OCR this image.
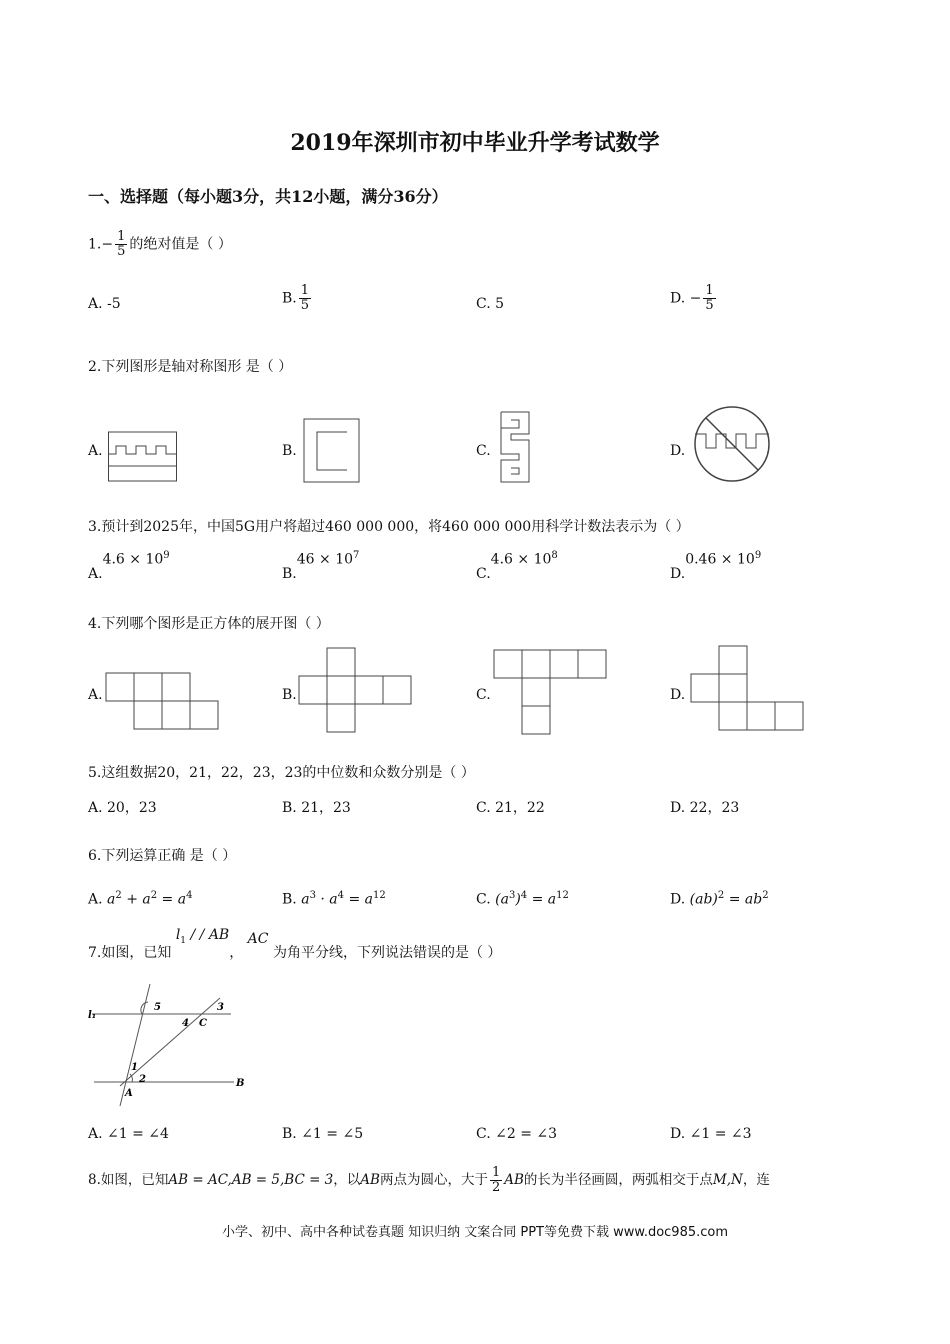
2019年深圳市初中毕业升学考试数学
一、选择题（每小题3分，共12小题，满分36分）
$1.- \frac{1}{5}$ 的绝对值是（ ）
A. -5	B. $\frac{1}{5}$	C. 5	D. − $\frac{1}{5}$
2.下列图形是轴对称图形 是（ ）
A.	B.	C.	D.
3.预计到2025年，中国5G用户将超过460 000 000，将460 000 000用科学计数法表示为（ ）
$A.4.6 \times 10^9$
$B.46 \times 10^7$
$C.4.6 \times 10^8$
$D.0.46 \times 10^9$
4.下列哪个图形是正方体的展开图（ ）
A.	B.	C.	D.
5.这组数据20，21，22，23，23的中位数和众数分别是（ ）
A. 20，23	B. 21，23	C. 21，22	D. 22，23
6.下列运算正确 是（ ）
A. $a^2 + a^2 = a^4$	B. $a^3 \cdot a^4 = a^{12}$	C. $(a^3)^4 = a^{12}$	D. $(ab)^2 = ab^2$
7.如图，已知 $l_1$ / / AB， AC 为角平分线，下列说法错误的是（ ）
l₁
5	3
4 C
1
2
A
B
A. ∠1 = ∠4	B. ∠1 = ∠5	C. ∠2 = ∠3	D. ∠1 = ∠3
8.如图，已知AB = AC,AB = 5,BC = 3，以AB两点为圆心，大于 $\frac{1}{2}$ AB的长为半径画圆，两弧相交于点M,N，连
小学、初中、高中各种试卷真题 知识归纳 文案合同 PPT等免费下载 www.doc985.com
